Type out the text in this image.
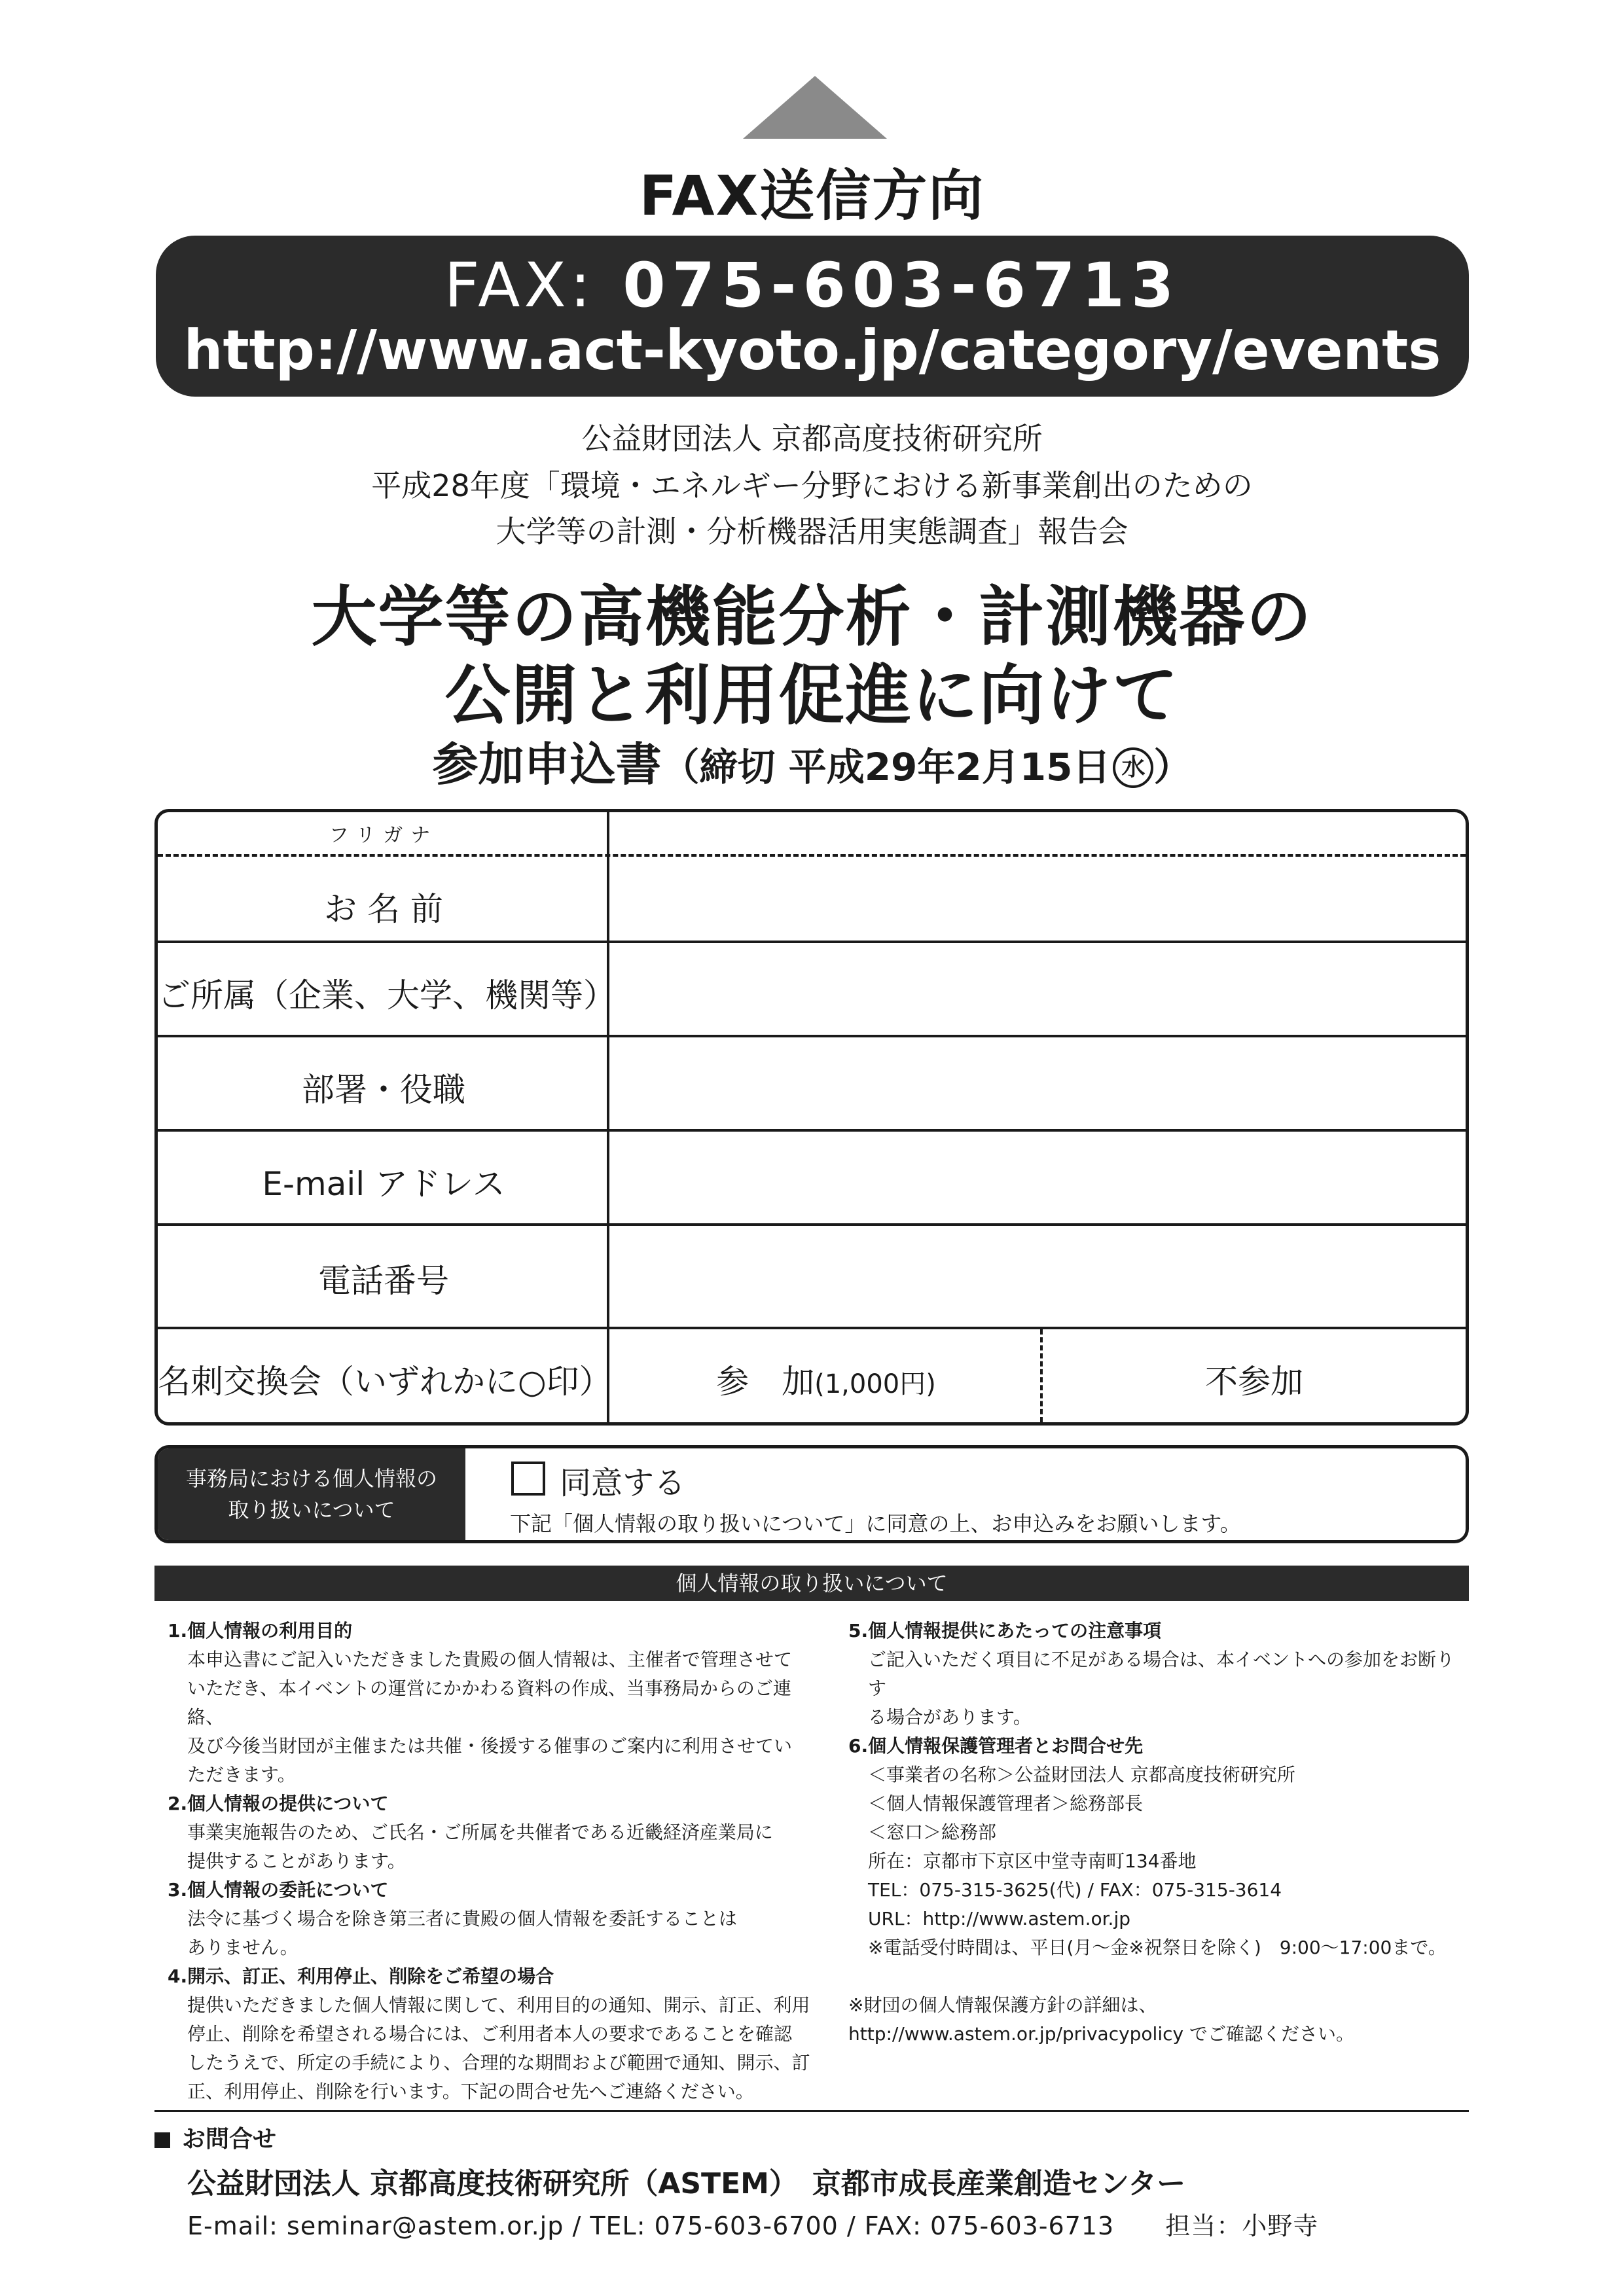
FAX送信方向
FAX: 075-603-6713
http://www.act-kyoto.jp/category/events
公益財団法人 京都高度技術研究所
平成28年度「環境・エネルギー分野における新事業創出のための
大学等の計測・分析機器活用実態調査」報告会
大学等の高機能分析・計測機器の
公開と利用促進に向けて
参加申込書（締切 平成29年2月15日 水 ）
フリガナ
お 名 前
ご所属（企業、大学、機関等）
部署・役職
E-mail アドレス
電話番号
名刺交換会（いずれかに○印）	参　加(1,000円)	不参加
事務局における個人情報の
取り扱いについて
同意する
下記「個人情報の取り扱いについて」に同意の上、お申込みをお願いします。
個人情報の取り扱いについて
1.個人情報の利用目的
本申込書にご記入いただきました貴殿の個人情報は、主催者で管理させて
いただき、本イベントの運営にかかわる資料の作成、当事務局からのご連絡、
及び今後当財団が主催または共催・後援する催事のご案内に利用させてい
ただきます。
2.個人情報の提供について
事業実施報告のため、ご氏名・ご所属を共催者である近畿経済産業局に
提供することがあります。
3.個人情報の委託について
法令に基づく場合を除き第三者に貴殿の個人情報を委託することは
ありません。
4.開示、訂正、利用停止、削除をご希望の場合
提供いただきました個人情報に関して、利用目的の通知、開示、訂正、利用
停止、削除を希望される場合には、ご利用者本人の要求であることを確認
したうえで、所定の手続により、合理的な期間および範囲で通知、開示、訂
正、利用停止、削除を行います。下記の問合せ先へご連絡ください。
5.個人情報提供にあたっての注意事項
ご記入いただく項目に不足がある場合は、本イベントへの参加をお断りす
る場合があります。
6.個人情報保護管理者とお問合せ先
＜事業者の名称＞公益財団法人 京都高度技術研究所
＜個人情報保護管理者＞総務部長
＜窓口＞総務部
所在：京都市下京区中堂寺南町134番地
TEL：075-315-3625(代) / FAX：075-315-3614
URL：http://www.astem.or.jp
※電話受付時間は、平日(月～金※祝祭日を除く)　9:00～17:00まで。
※財団の個人情報保護方針の詳細は、
http://www.astem.or.jp/privacypolicy でご確認ください。
お問合せ
公益財団法人 京都高度技術研究所（ASTEM）　京都市成長産業創造センター
E-mail: seminar@astem.or.jp / TEL: 075-603-6700 / FAX: 075-603-6713　　担当：小野寺
